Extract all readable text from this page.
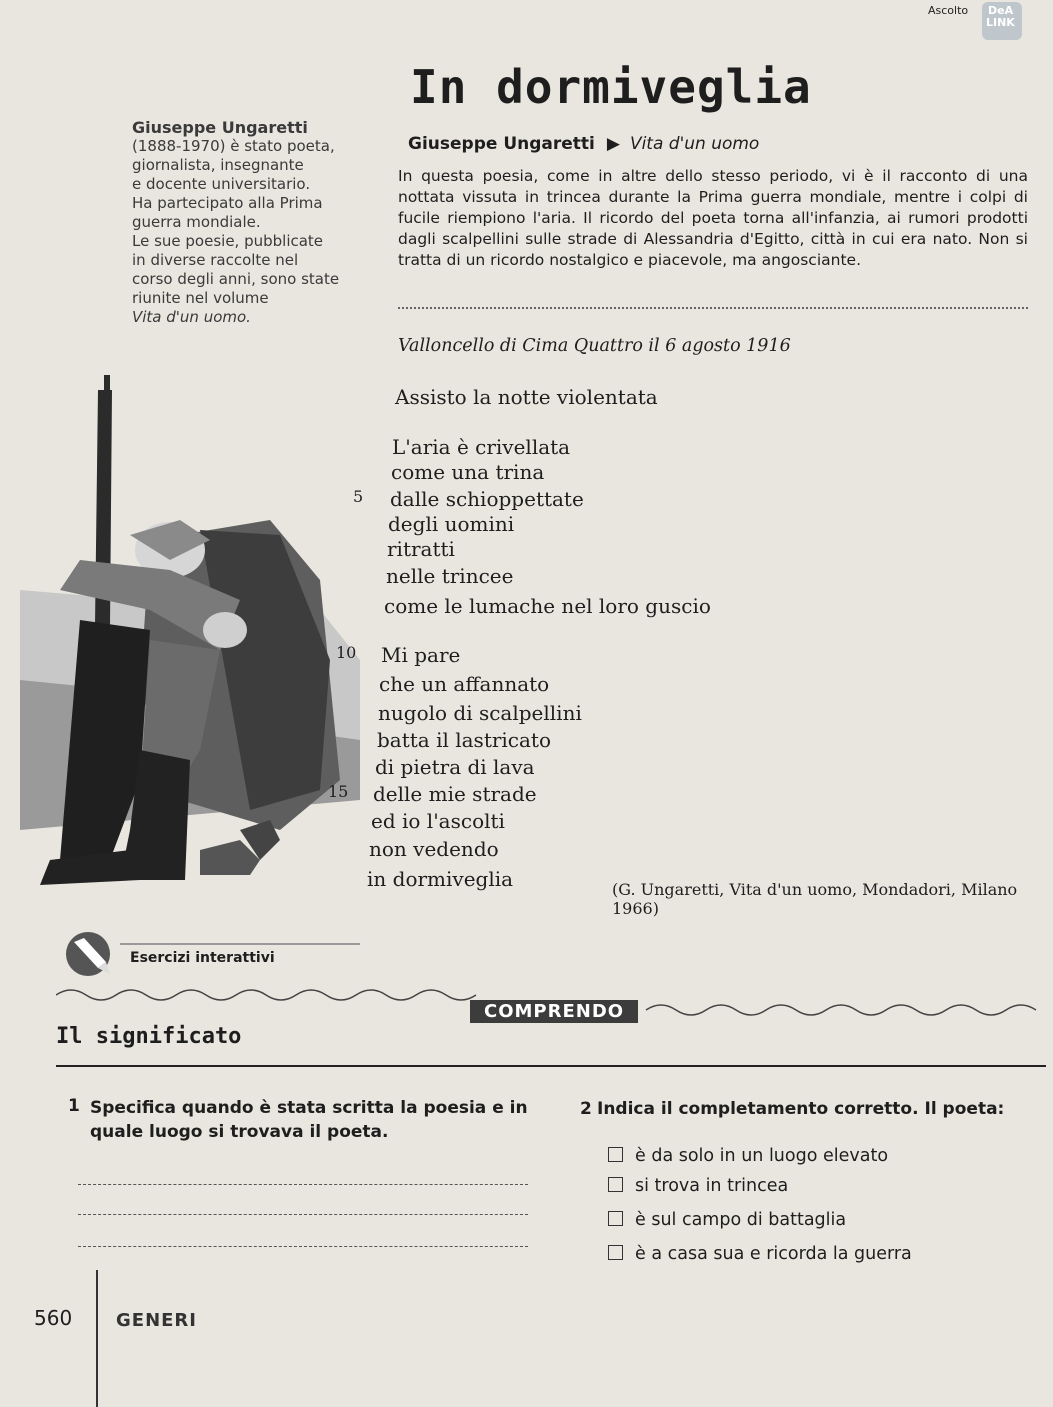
Ascolto DeA
LINK
In dormiveglia
Giuseppe Ungaretti
(1888-1970) è stato poeta,
giornalista, insegnante
e docente universitario.
Ha partecipato alla Prima
guerra mondiale.
Le sue poesie, pubblicate
in diverse raccolte nel
corso degli anni, sono state
riunite nel volume
Vita d'un uomo.
Giuseppe Ungaretti ▶ Vita d'un uomo
In questa poesia, come in altre dello stesso periodo, vi è il racconto di una nottata vissuta in trincea durante la Prima guerra mondiale, mentre i colpi di fucile riempiono l'aria. Il ricordo del poeta torna all'infanzia, ai rumori prodotti dagli scalpellini sulle strade di Alessandria d'Egitto, città in cui era nato. Non si tratta di un ricordo nostalgico e piacevole, ma angosciante.
Valloncello di Cima Quattro il 6 agosto 1916
Assisto la notte violentata
L'aria è crivellata
come una trina
5 dalle schioppettate
degli uomini
ritratti
nelle trincee
come le lumache nel loro guscio
10 Mi pare
che un affannato
nugolo di scalpellini
batta il lastricato
di pietra di lava
15 delle mie strade
ed io l'ascolti
non vedendo
in dormiveglia	(G. Ungaretti, Vita d'un uomo, Mondadori, Milano 1966)
Esercizi interattivi
COMPRENDO
Il significato
1 Specifica quando è stata scritta la poesia e in quale luogo si trovava il poeta.
2 Indica il completamento corretto. Il poeta:
è da solo in un luogo elevato
si trova in trincea
è sul campo di battaglia
è a casa sua e ricorda la guerra
560 GENERI
